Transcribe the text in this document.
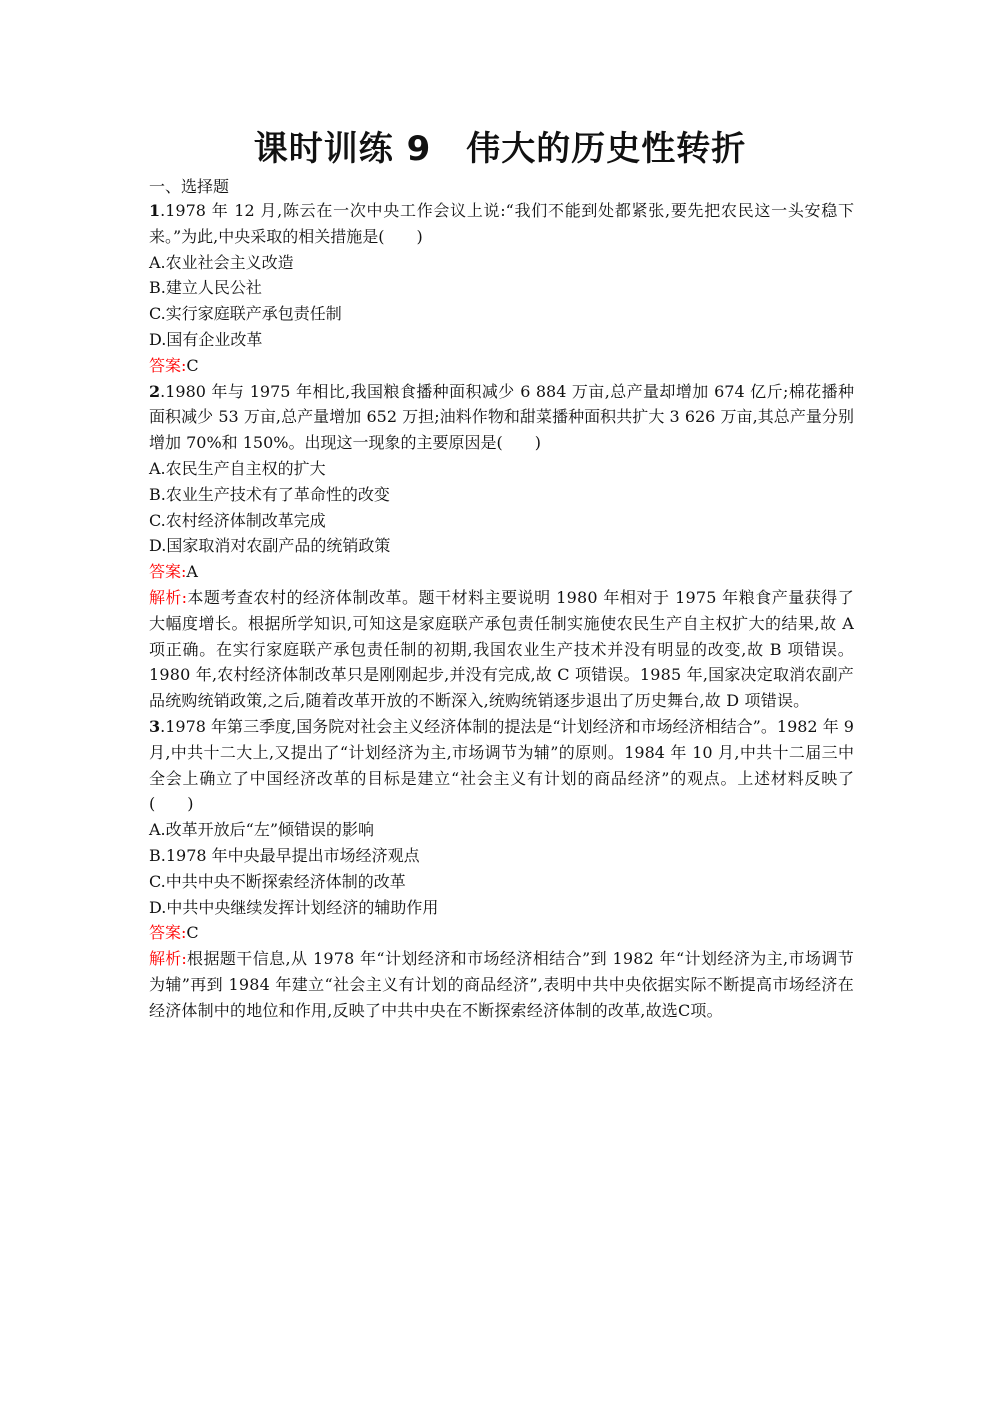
课时训练 9　伟大的历史性转折
一、选择题

1.1978 年 12 月,陈云在一次中央工作会议上说:“我们不能到处都紧张,要先把农民这一头安稳下来。”为此,中央采取的相关措施是(　　)

A.农业社会主义改造

B.建立人民公社

C.实行家庭联产承包责任制

D.国有企业改革

答案:C

2.1980 年与 1975 年相比,我国粮食播种面积减少 6 884 万亩,总产量却增加 674 亿斤;棉花播种面积减少 53 万亩,总产量增加 652 万担;油料作物和甜菜播种面积共扩大 3 626 万亩,其总产量分别增加 70%和 150%。出现这一现象的主要原因是(　　)

A.农民生产自主权的扩大

B.农业生产技术有了革命性的改变

C.农村经济体制改革完成

D.国家取消对农副产品的统销政策

答案:A

解析:本题考查农村的经济体制改革。题干材料主要说明 1980 年相对于 1975 年粮食产量获得了大幅度增长。根据所学知识,可知这是家庭联产承包责任制实施使农民生产自主权扩大的结果,故 A 项正确。在实行家庭联产承包责任制的初期,我国农业生产技术并没有明显的改变,故 B 项错误。1980 年,农村经济体制改革只是刚刚起步,并没有完成,故 C 项错误。1985 年,国家决定取消农副产品统购统销政策,之后,随着改革开放的不断深入,统购统销逐步退出了历史舞台,故 D 项错误。

3.1978 年第三季度,国务院对社会主义经济体制的提法是“计划经济和市场经济相结合”。1982 年 9 月,中共十二大上,又提出了“计划经济为主,市场调节为辅”的原则。1984 年 10 月,中共十二届三中全会上确立了中国经济改革的目标是建立“社会主义有计划的商品经济”的观点。上述材料反映了(　　)

A.改革开放后“左”倾错误的影响

B.1978 年中央最早提出市场经济观点

C.中共中央不断探索经济体制的改革

D.中共中央继续发挥计划经济的辅助作用

答案:C

解析:根据题干信息,从 1978 年“计划经济和市场经济相结合”到 1982 年“计划经济为主,市场调节为辅”再到 1984 年建立“社会主义有计划的商品经济”,表明中共中央依据实际不断提高市场经济在经济体制中的地位和作用,反映了中共中央在不断探索经济体制的改革,故选C项。
